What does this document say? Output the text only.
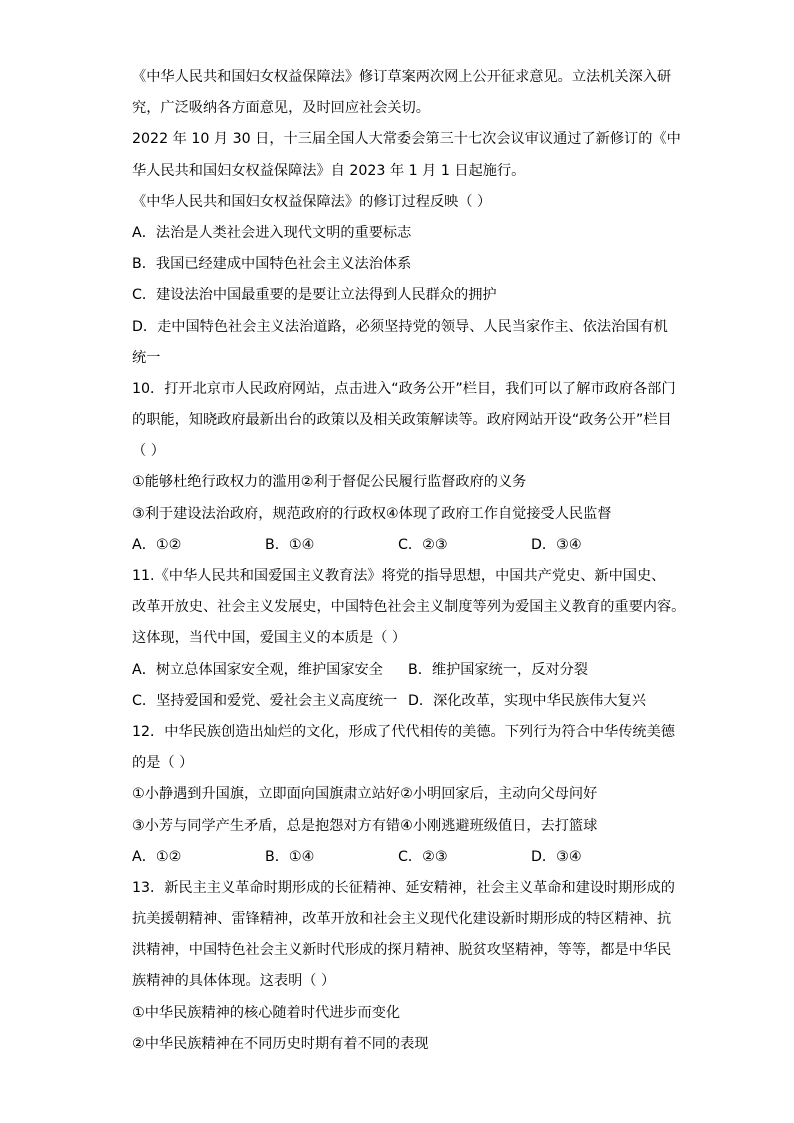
《中华人民共和国妇女权益保障法》修订草案两次网上公开征求意见。立法机关深入研

究，广泛吸纳各方面意见，及时回应社会关切。

2022 年 10 月 30 日，十三届全国人大常委会第三十七次会议审议通过了新修订的《中

华人民共和国妇女权益保障法》自 2023 年 1 月 1 日起施行。

《中华人民共和国妇女权益保障法》的修订过程反映（ ）

A．法治是人类社会进入现代文明的重要标志

B．我国已经建成中国特色社会主义法治体系

C．建设法治中国最重要的是要让立法得到人民群众的拥护

D．走中国特色社会主义法治道路，必须坚持党的领导、人民当家作主、依法治国有机

统一

10．打开北京市人民政府网站，点击进入“政务公开”栏目，我们可以了解市政府各部门

的职能，知晓政府最新出台的政策以及相关政策解读等。政府网站开设“政务公开”栏目

（ ）

①能够杜绝行政权力的滥用②利于督促公民履行监督政府的义务

③利于建设法治政府，规范政府的行政权④体现了政府工作自觉接受人民监督

A．①②	B．①④	C．②③	D．③④

11.《中华人民共和国爱国主义教育法》将党的指导思想，中国共产党史、新中国史、

改革开放史、社会主义发展史，中国特色社会主义制度等列为爱国主义教育的重要内容。

这体现，当代中国，爱国主义的本质是（ ）

A．树立总体国家安全观，维护国家安全	B．维护国家统一，反对分裂
C．坚持爱国和爱党、爱社会主义高度统一 D．深化改革，实现中华民族伟大复兴

12．中华民族创造出灿烂的文化，形成了代代相传的美德。下列行为符合中华传统美德

的是（ ）

①小静遇到升国旗，立即面向国旗肃立站好②小明回家后，主动向父母问好

③小芳与同学产生矛盾，总是抱怨对方有错④小刚逃避班级值日，去打篮球

A．①②	B．①④	C．②③	D．③④

13．新民主主义革命时期形成的长征精神、延安精神，社会主义革命和建设时期形成的

抗美援朝精神、雷锋精神，改革开放和社会主义现代化建设新时期形成的特区精神、抗

洪精神，中国特色社会主义新时代形成的探月精神、脱贫攻坚精神，等等，都是中华民

族精神的具体体现。这表明（ ）

①中华民族精神的核心随着时代进步而变化

②中华民族精神在不同历史时期有着不同的表现
